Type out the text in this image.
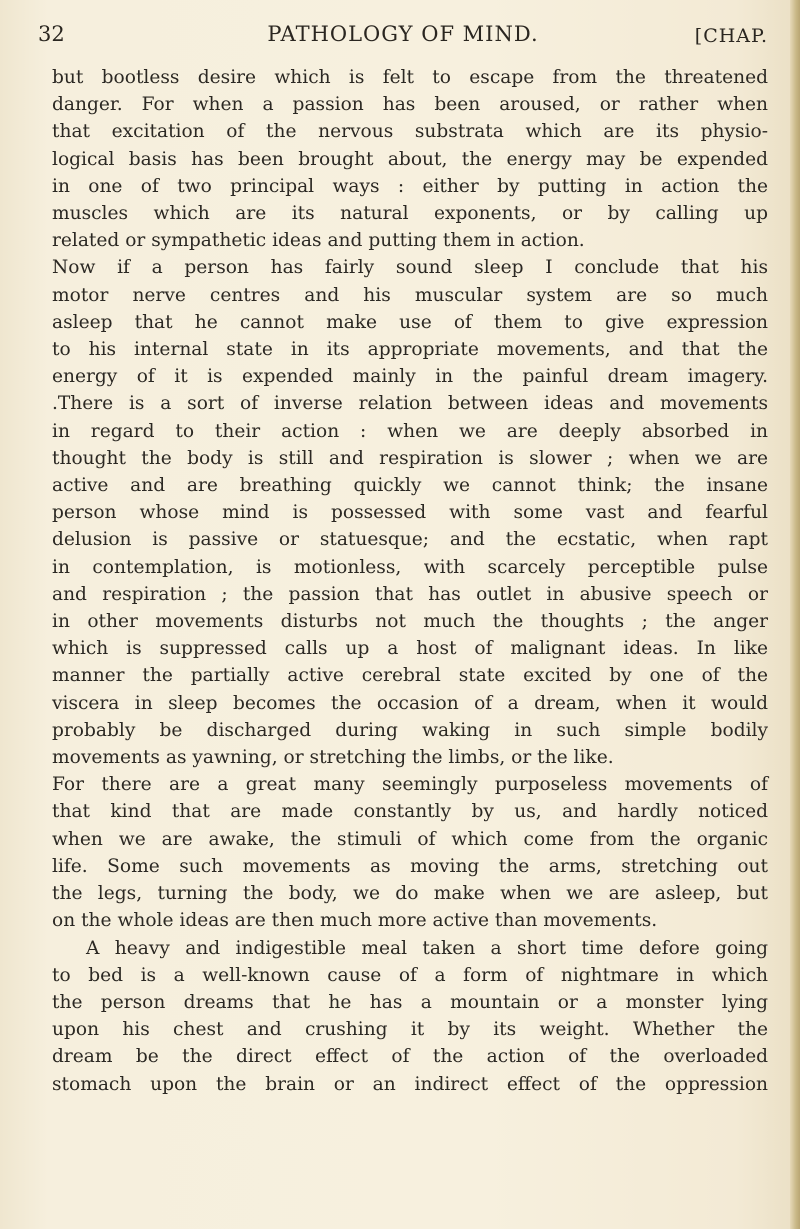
32	PATHOLOGY OF MIND.	[CHAP.
but bootless desire which is felt to escape from the threatened
danger. For when a passion has been aroused, or rather when
that excitation of the nervous substrata which are its physio-
logical basis has been brought about, the energy may be expended
in one of two principal ways : either by putting in action the
muscles which are its natural exponents, or by calling up
related or sympathetic ideas and putting them in action.
Now if a person has fairly sound sleep I conclude that his
motor nerve centres and his muscular system are so much
asleep that he cannot make use of them to give expression
to his internal state in its appropriate movements, and that the
energy of it is expended mainly in the painful dream imagery.
.There is a sort of inverse relation between ideas and movements
in regard to their action : when we are deeply absorbed in
thought the body is still and respiration is slower ; when we are
active and are breathing quickly we cannot think; the insane
person whose mind is possessed with some vast and fearful
delusion is passive or statuesque; and the ecstatic, when rapt
in contemplation, is motionless, with scarcely perceptible pulse
and respiration ; the passion that has outlet in abusive speech or
in other movements disturbs not much the thoughts ; the anger
which is suppressed calls up a host of malignant ideas. In like
manner the partially active cerebral state excited by one of the
viscera in sleep becomes the occasion of a dream, when it would
probably be discharged during waking in such simple bodily
movements as yawning, or stretching the limbs, or the like.
For there are a great many seemingly purposeless movements of
that kind that are made constantly by us, and hardly noticed
when we are awake, the stimuli of which come from the organic
life. Some such movements as moving the arms, stretching out
the legs, turning the body, we do make when we are asleep, but
on the whole ideas are then much more active than movements.
A heavy and indigestible meal taken a short time defore going
to bed is a well-known cause of a form of nightmare in which
the person dreams that he has a mountain or a monster lying
upon his chest and crushing it by its weight. Whether the
dream be the direct effect of the action of the overloaded
stomach upon the brain or an indirect effect of the oppression
